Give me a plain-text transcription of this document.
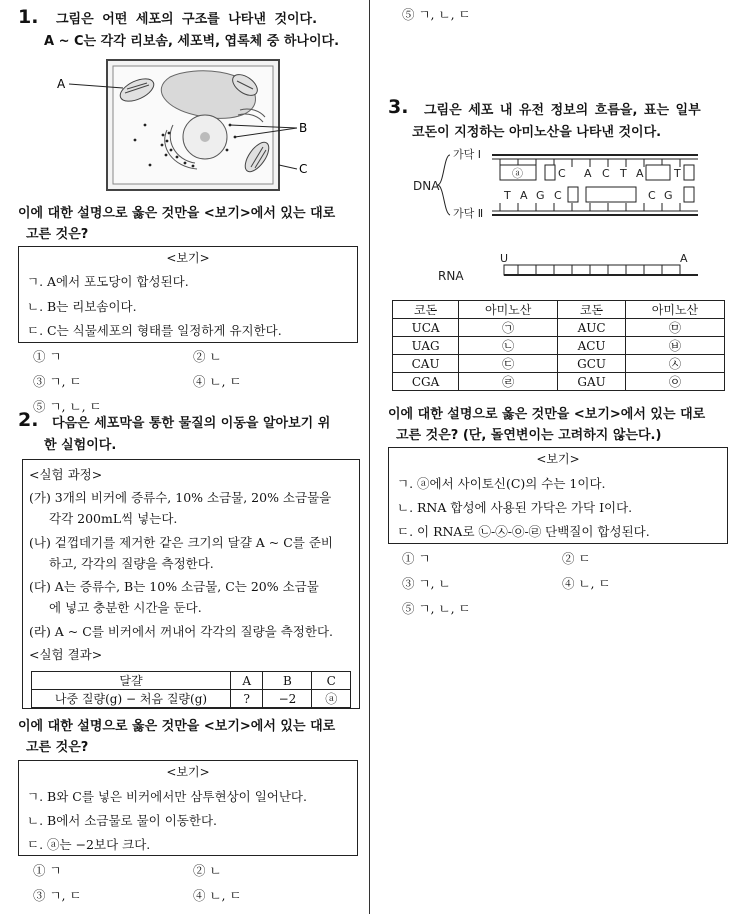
1. 그림은 어떤 세포의 구조를 나타낸 것이다.
A ~ C는 각각 리보솜, 세포벽, 엽록체 중 하나이다.
A
B
C
이에 대한 설명으로 옳은 것만을 <보기>에서 있는 대로
고른 것은?
<보기>
ㄱ. A에서 포도당이 합성된다.
ㄴ. B는 리보솜이다.
ㄷ. C는 식물세포의 형태를 일정하게 유지한다.
① ㄱ	② ㄴ
③ ㄱ, ㄷ	④ ㄴ, ㄷ
⑤ ㄱ, ㄴ, ㄷ
2. 다음은 세포막을 통한 물질의 이동을 알아보기 위
한 실험이다.
<실험 과정>
(가) 3개의 비커에 증류수, 10% 소금물, 20% 소금물을
각각 200mL씩 넣는다.
(나) 겉껍데기를 제거한 같은 크기의 달걀 A ~ C를 준비
하고, 각각의 질량을 측정한다.
(다) A는 증류수, B는 10% 소금물, C는 20% 소금물
에 넣고 충분한 시간을 둔다.
(라) A ~ C를 비커에서 꺼내어 각각의 질량을 측정한다.
<실험 결과>
달걀	A	B	C
나중 질량(g) − 처음 질량(g)	?	−2	ⓐ
이에 대한 설명으로 옳은 것만을 <보기>에서 있는 대로
고른 것은?
<보기>
ㄱ. B와 C를 넣은 비커에서만 삼투현상이 일어난다.
ㄴ. B에서 소금물로 물이 이동한다.
ㄷ. ⓐ는 −2보다 크다.
① ㄱ	② ㄴ
③ ㄱ, ㄷ	④ ㄴ, ㄷ
⑤ ㄱ, ㄴ, ㄷ
3. 그림은 세포 내 유전 정보의 흐름을, 표는 일부
코돈이 지정하는 아미노산을 나타낸 것이다.
DNA
가닥 Ⅰ
가닥 Ⅱ
ⓐ	C A C T A	T
T A G C	C G
RNA
U	A
코돈	아미노산	코돈	아미노산
UCA	㉠	AUC	㉤
UAG	㉡	ACU	㉥
CAU	㉢	GCU	㉦
CGA	㉣	GAU	㉧
이에 대한 설명으로 옳은 것만을 <보기>에서 있는 대로
고른 것은? (단, 돌연변이는 고려하지 않는다.)
<보기>
ㄱ. ⓐ에서 사이토신(C)의 수는 1이다.
ㄴ. RNA 합성에 사용된 가닥은 가닥 Ⅰ이다.
ㄷ. 이 RNA로 ㉡-㉦-㉧-㉣ 단백질이 합성된다.
① ㄱ	② ㄷ
③ ㄱ, ㄴ	④ ㄴ, ㄷ
⑤ ㄱ, ㄴ, ㄷ
